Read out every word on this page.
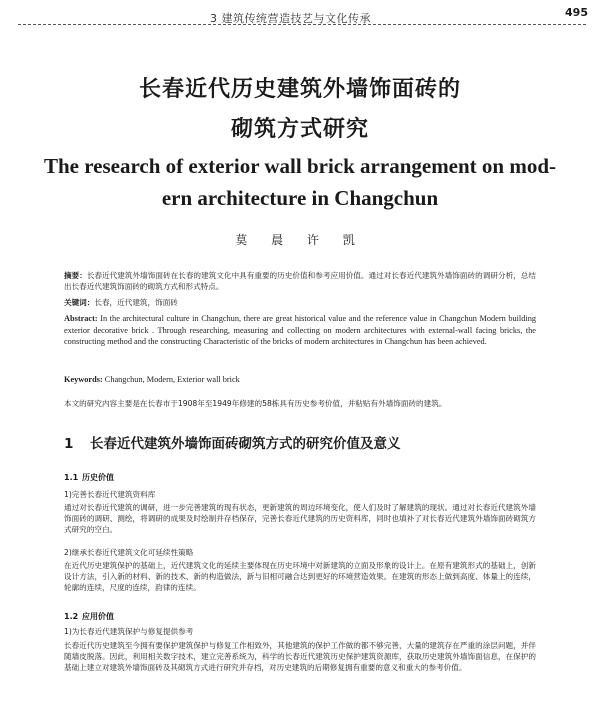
3 建筑传统营造技艺与文化传承	495
长春近代历史建筑外墙饰面砖的
砌筑方式研究
The research of exterior wall brick arrangement on mod-
ern architecture in Changchun
莫 晨 许 凯
摘要：长春近代建筑外墙饰面砖在长春的建筑文化中具有重要的历史价值和参考应用价值。通过对长春近代建筑外墙饰面砖的调研分析，总结出长春近代建筑饰面砖的砌筑方式和形式特点。
关键词：长春，近代建筑，饰面砖
Abstract: In the architectural culture in Changchun, there are great historical value and the reference value in Changchun Modern building exterior decorative brick . Through researching, measuring and collecting on modern architectures with external-wall facing bricks, the constructing method and the constructing Characteristic of the bricks of modern architectures in Changchun has been achieved.
Keywords: Changchun, Modern, Exterior wall brick
本文的研究内容主要是在长春市于1908年至1949年修建的58栋具有历史参考价值，并粘贴有外墙饰面砖的建筑。
1 长春近代建筑外墙饰面砖砌筑方式的研究价值及意义
1.1 历史价值
1)完善长春近代建筑资料库
通过对长春近代建筑的调研，进一步完善建筑的现有状态，更新建筑的周边环境变化，使人们及时了解建筑的现状。通过对长春近代建筑外墙饰面砖的调研、测绘，将调研的成果及时绘制并存档保存，完善长春近代建筑的历史资料库，同时也填补了对长春近代建筑外墙饰面砖砌筑方式研究的空白。
2)继承长春近代建筑文化可延续性策略
在近代历史建筑保护的基础上，近代建筑文化的延续主要体现在历史环境中对新建筑的立面及形象的设计上。在原有建筑形式的基础上，创新设计方法，引入新的材料、新的技术、新的构造做法，新与旧相可融合达到更好的环境营造效果。在建筑的形态上做到高度、体量上的连续，轮廓的连续，尺度的连续，韵律的连续。
1.2 应用价值
1)为长春近代建筑保护与修复提供参考
长春近代历史建筑至今拥有要保护建筑保护与修复工作相致外，其他建筑的保护工作做的都不够完善，大量的建筑存在严重的涂层问题，并伴随墙皮脱落。因此，利用相关数字技术，建立完善系统为，科学的长春近代建筑历史保护建筑资源库，获取历史建筑外墙饰面信息，在保护的基础上建立对建筑外墙饰面砖及其砌筑方式进行研究并存档，对历史建筑的后期修复拥有重要的意义和重大的参考价值。
